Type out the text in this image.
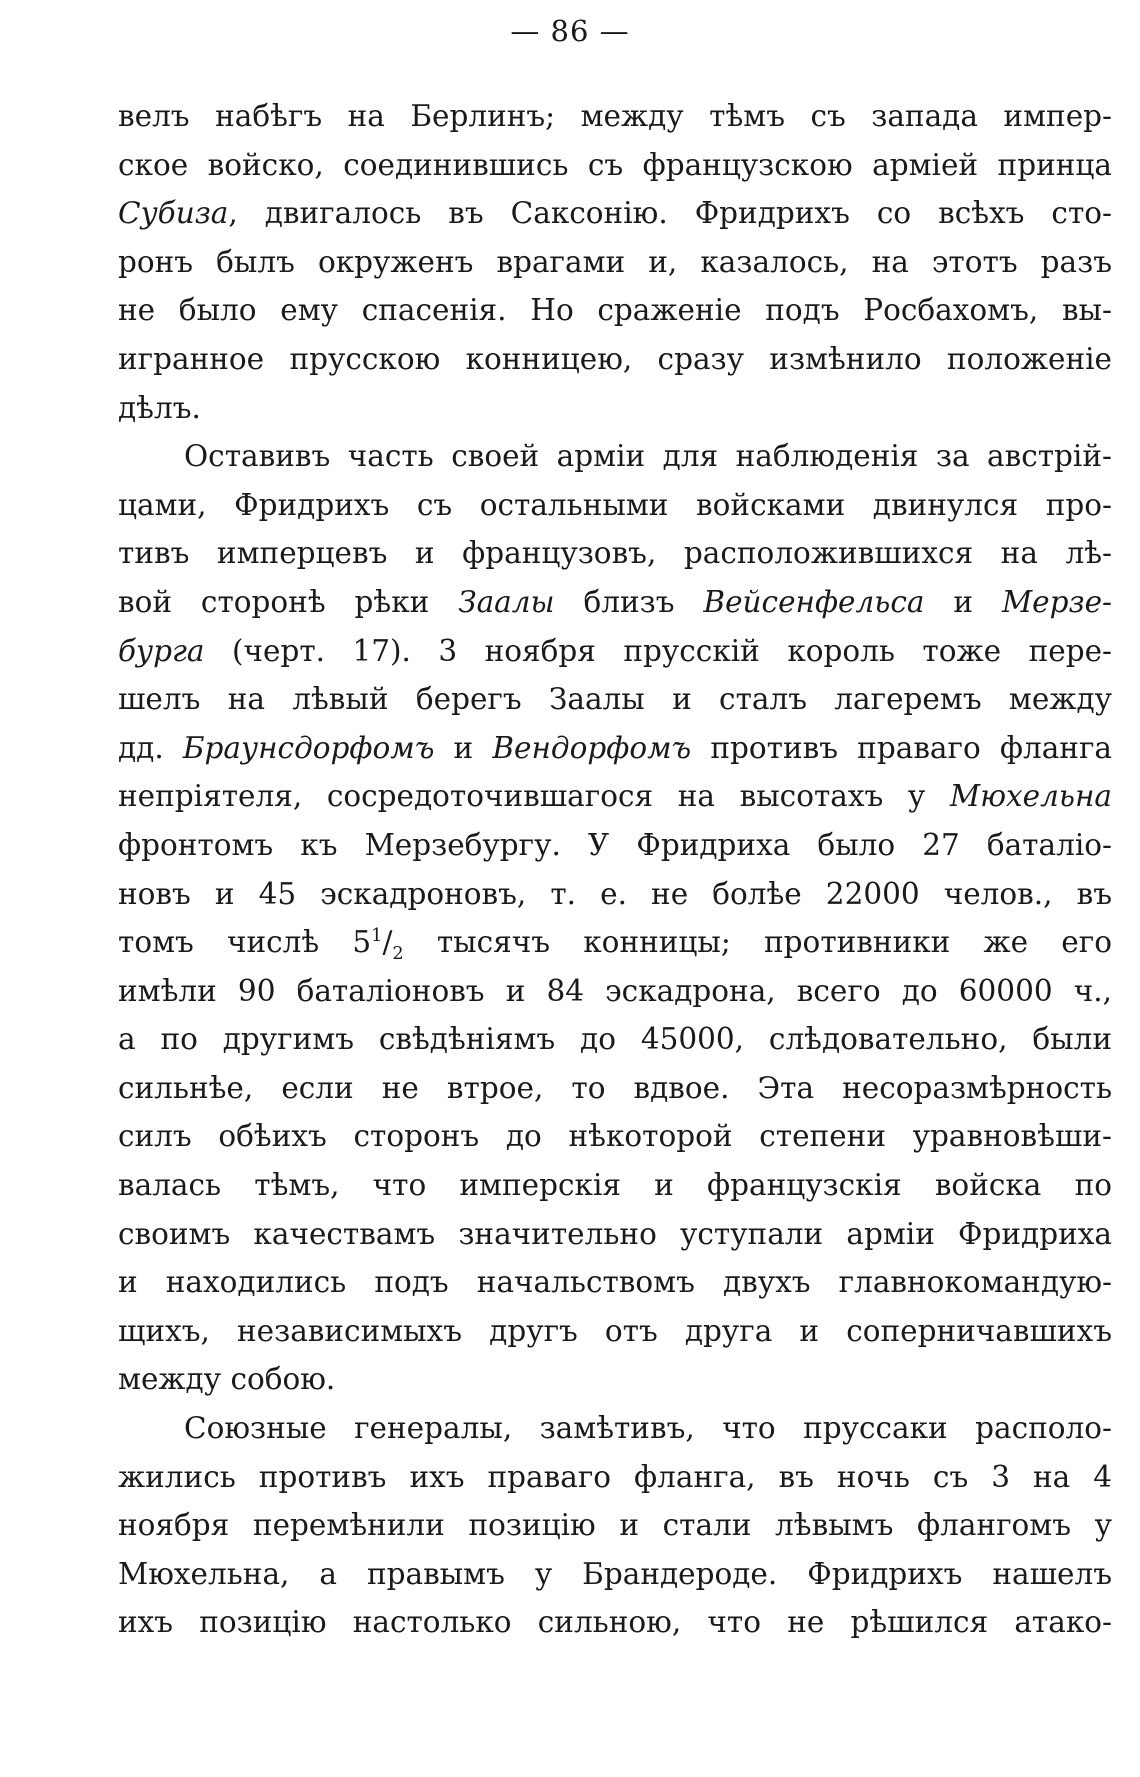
— 86 —
велъ набѣгъ на Берлинъ; между тѣмъ съ запада импер-
ское войско, соединившись съ французскою арміей принца
Субиза, двигалось въ Саксонію. Фридрихъ со всѣхъ сто-
ронъ былъ окруженъ врагами и, казалось, на этотъ разъ
не было ему спасенія. Но сраженіе подъ Росбахомъ, вы-
игранное прусскою конницею, сразу измѣнило положеніе
дѣлъ.
Оставивъ часть своей арміи для наблюденія за австрій-
цами, Фридрихъ съ остальными войсками двинулся про-
тивъ имперцевъ и французовъ, расположившихся на лѣ-
вой сторонѣ рѣки Заалы близъ Вейсенфельса и Мерзе-
бурга (черт. 17). 3 ноября прусскій король тоже пере-
шелъ на лѣвый берегъ Заалы и сталъ лагеремъ между
дд. Браунсдорфомъ и Вендорфомъ противъ праваго фланга
непріятеля, сосредоточившагося на высотахъ у Мюхельна
фронтомъ къ Мерзебургу. У Фридриха было 27 баталіо-
новъ и 45 эскадроновъ, т. е. не болѣе 22000 челов., въ
томъ числѣ $5^1/_2$ тысячъ конницы; противники же его
имѣли 90 баталіоновъ и 84 эскадрона, всего до 60000 ч.,
а по другимъ свѣдѣніямъ до 45000, слѣдовательно, были
сильнѣе, если не втрое, то вдвое. Эта несоразмѣрность
силъ обѣихъ сторонъ до нѣкоторой степени уравновѣши-
валась тѣмъ, что имперскія и французскія войска по
своимъ качествамъ значительно уступали арміи Фридриха
и находились подъ начальствомъ двухъ главнокомандую-
щихъ, независимыхъ другъ отъ друга и соперничавшихъ
между собою.
Союзные генералы, замѣтивъ, что пруссаки располо-
жились противъ ихъ праваго фланга, въ ночь съ 3 на 4
ноября перемѣнили позицію и стали лѣвымъ флангомъ у
Мюхельна, а правымъ у Брандероде. Фридрихъ нашелъ
ихъ позицію настолько сильною, что не рѣшился атако-
